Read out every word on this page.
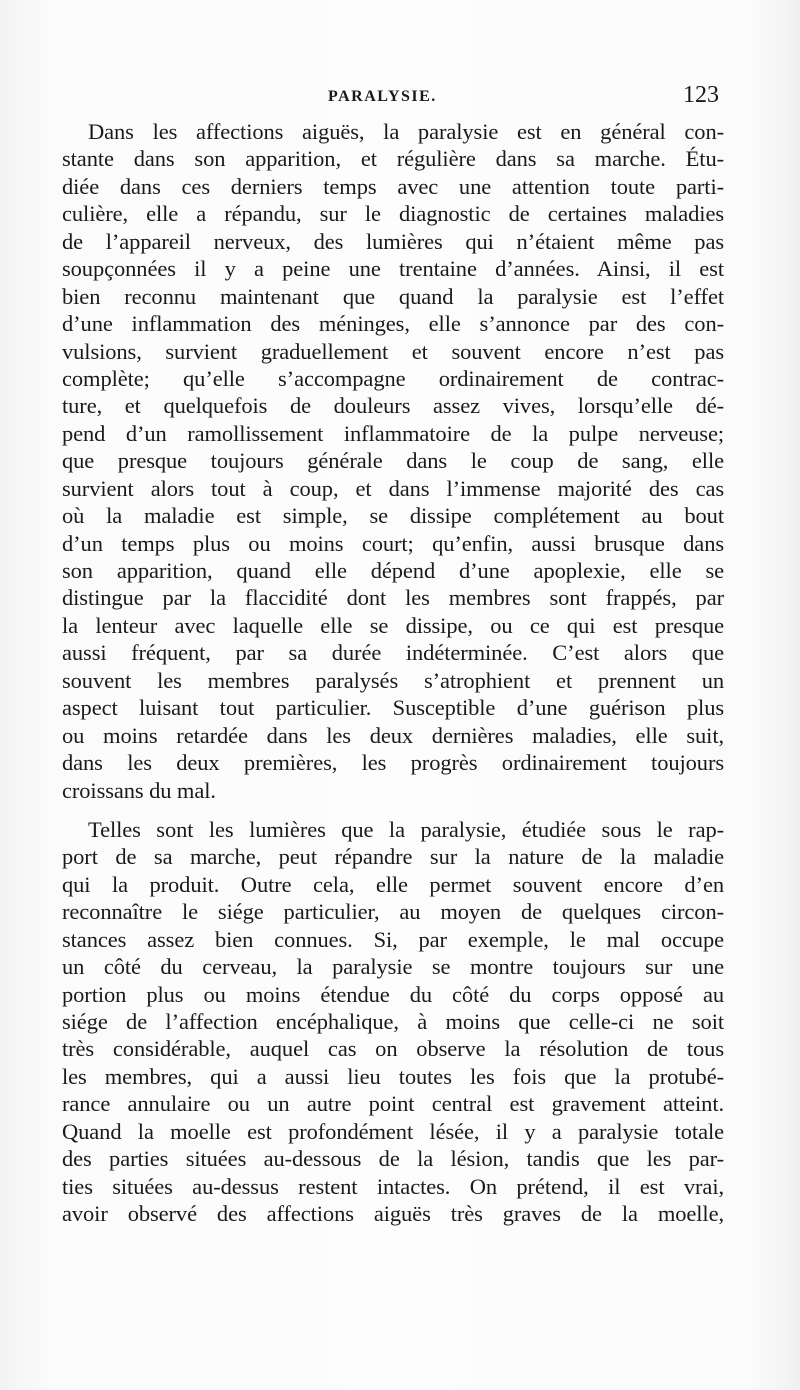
PARALYSIE.	123
Dans les affections aiguës, la paralysie est en général con-
stante dans son apparition, et régulière dans sa marche. Étu-
diée dans ces derniers temps avec une attention toute parti-
culière, elle a répandu, sur le diagnostic de certaines maladies
de l’appareil nerveux, des lumières qui n’étaient même pas
soupçonnées il y a peine une trentaine d’années. Ainsi, il est
bien reconnu maintenant que quand la paralysie est l’effet
d’une inflammation des méninges, elle s’annonce par des con-
vulsions, survient graduellement et souvent encore n’est pas
complète; qu’elle s’accompagne ordinairement de contrac-
ture, et quelquefois de douleurs assez vives, lorsqu’elle dé-
pend d’un ramollissement inflammatoire de la pulpe nerveuse;
que presque toujours générale dans le coup de sang, elle
survient alors tout à coup, et dans l’immense majorité des cas
où la maladie est simple, se dissipe complétement au bout
d’un temps plus ou moins court; qu’enfin, aussi brusque dans
son apparition, quand elle dépend d’une apoplexie, elle se
distingue par la flaccidité dont les membres sont frappés, par
la lenteur avec laquelle elle se dissipe, ou ce qui est presque
aussi fréquent, par sa durée indéterminée. C’est alors que
souvent les membres paralysés s’atrophient et prennent un
aspect luisant tout particulier. Susceptible d’une guérison plus
ou moins retardée dans les deux dernières maladies, elle suit,
dans les deux premières, les progrès ordinairement toujours
croissans du mal.
Telles sont les lumières que la paralysie, étudiée sous le rap-
port de sa marche, peut répandre sur la nature de la maladie
qui la produit. Outre cela, elle permet souvent encore d’en
reconnaître le siége particulier, au moyen de quelques circon-
stances assez bien connues. Si, par exemple, le mal occupe
un côté du cerveau, la paralysie se montre toujours sur une
portion plus ou moins étendue du côté du corps opposé au
siége de l’affection encéphalique, à moins que celle-ci ne soit
très considérable, auquel cas on observe la résolution de tous
les membres, qui a aussi lieu toutes les fois que la protubé-
rance annulaire ou un autre point central est gravement atteint.
Quand la moelle est profondément lésée, il y a paralysie totale
des parties situées au-dessous de la lésion, tandis que les par-
ties situées au-dessus restent intactes. On prétend, il est vrai,
avoir observé des affections aiguës très graves de la moelle,
